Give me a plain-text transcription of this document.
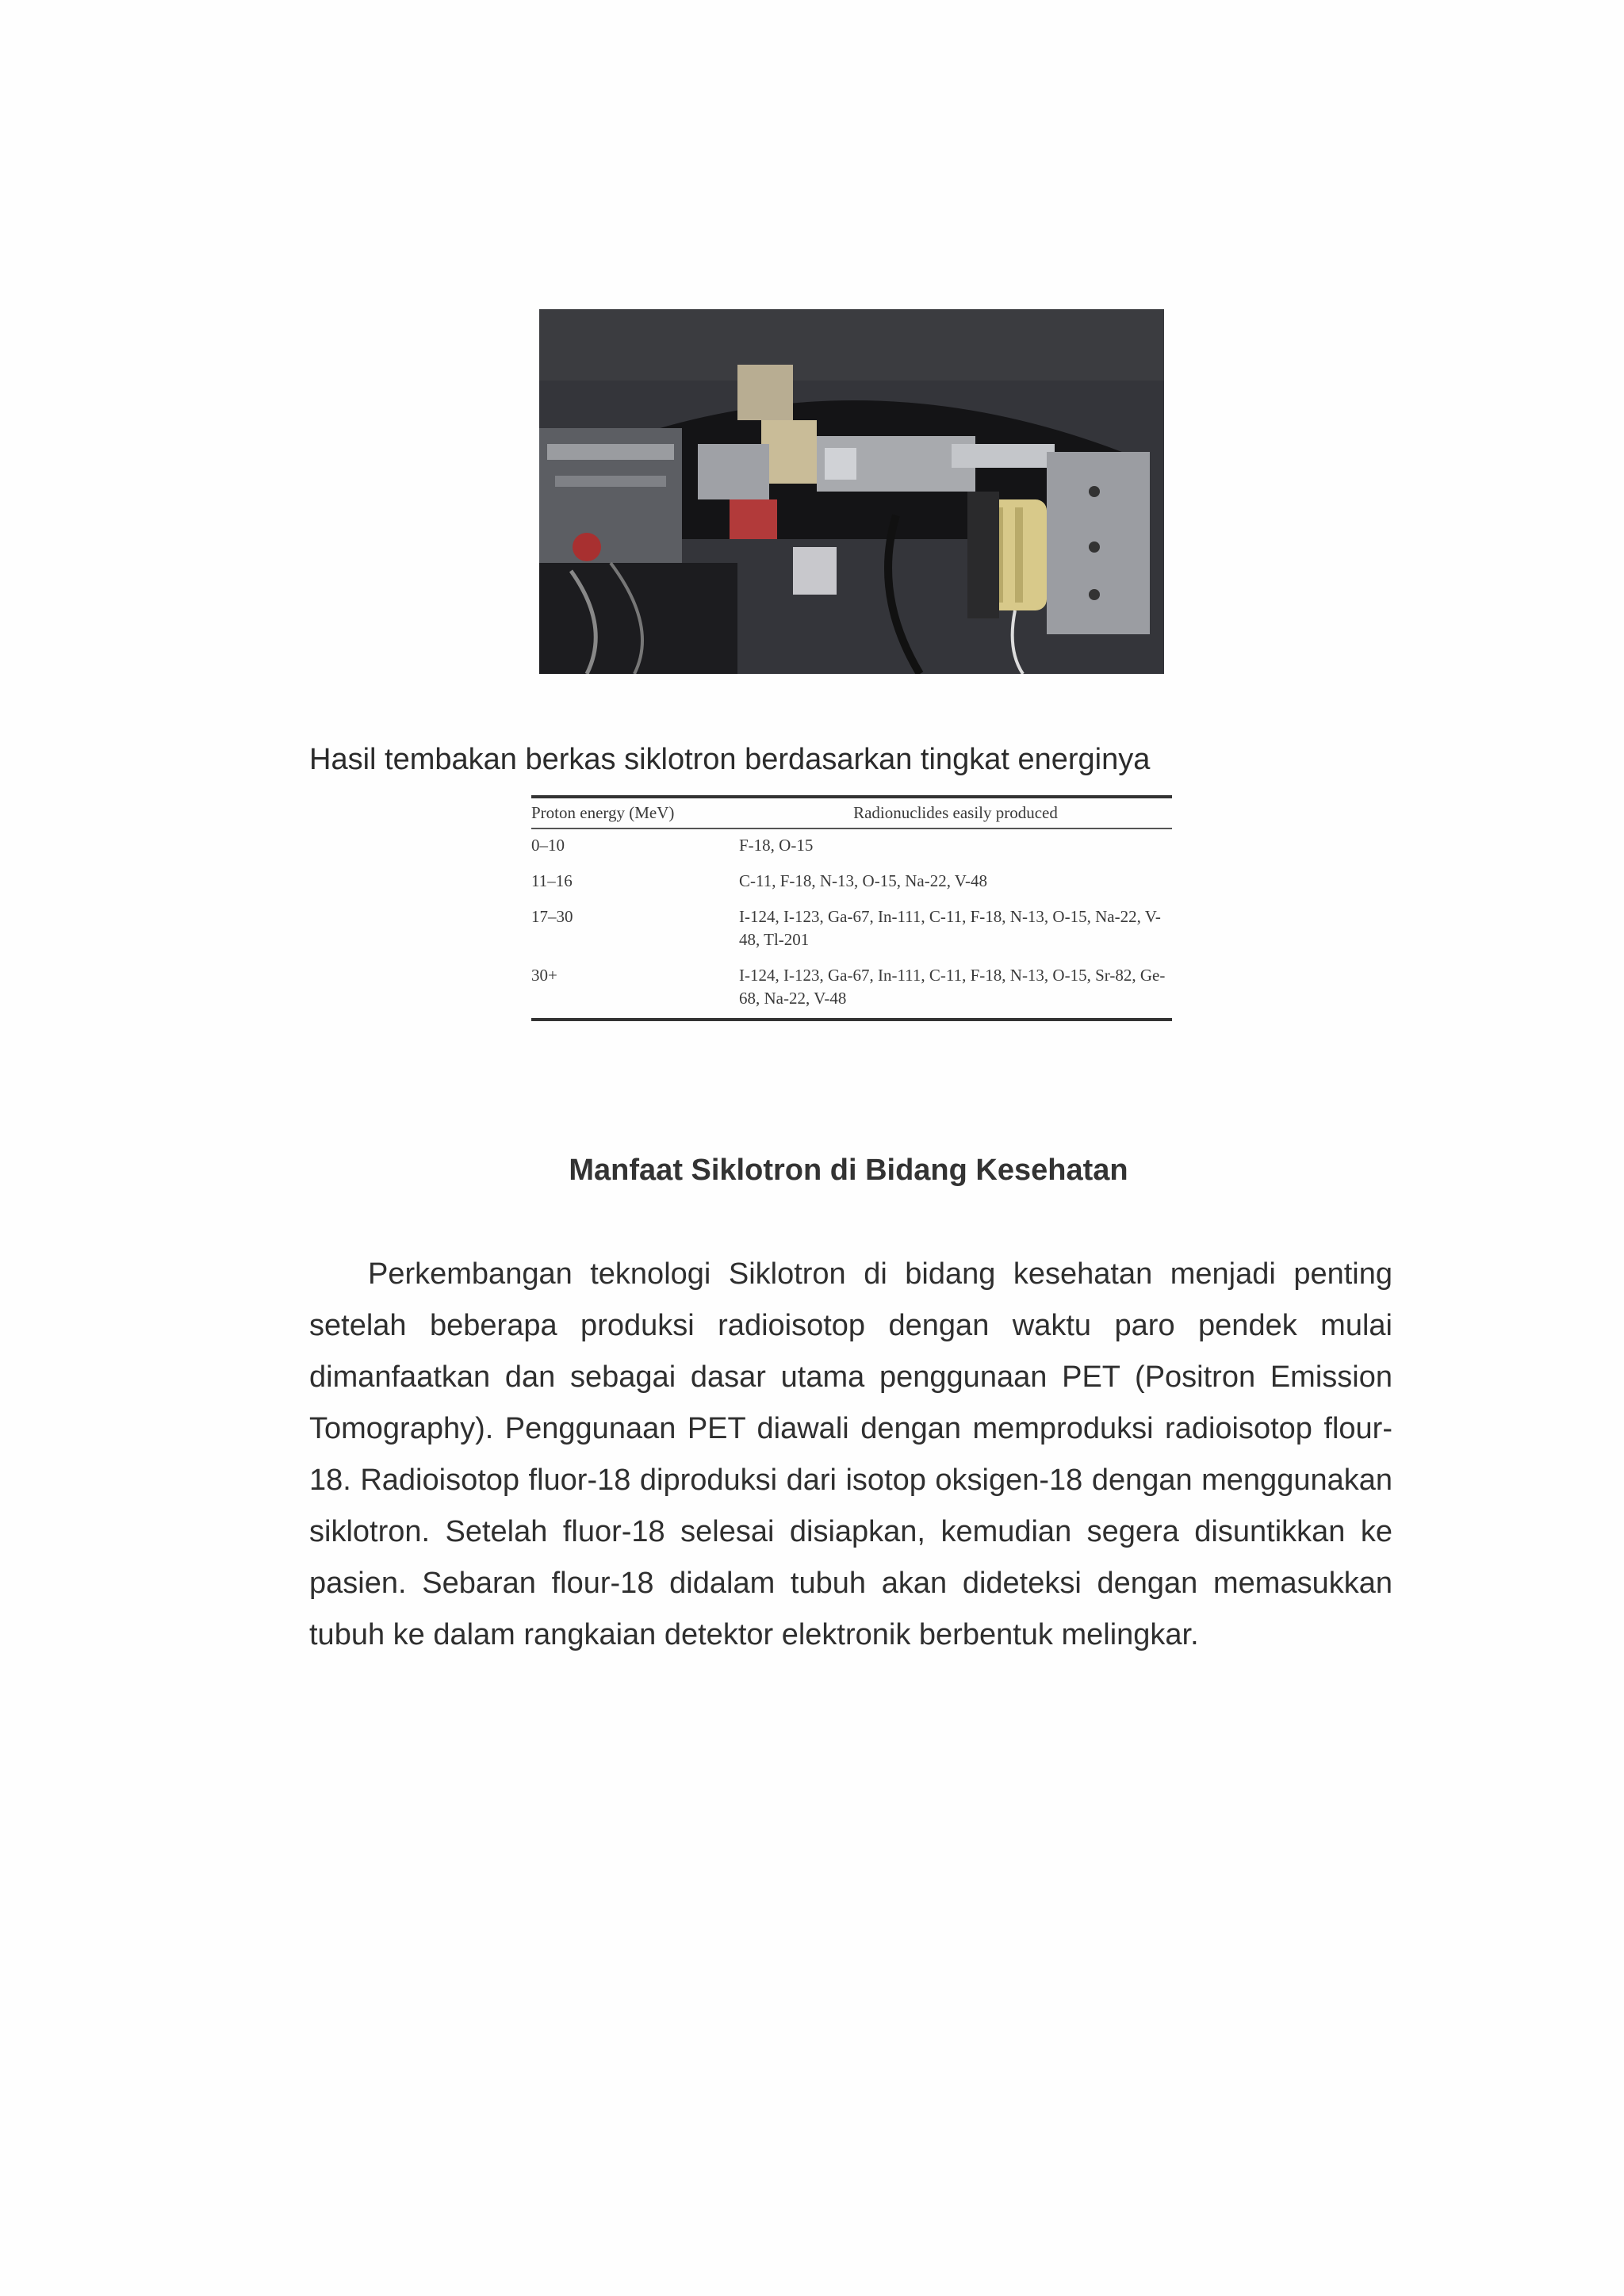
Hasil tembakan berkas siklotron berdasarkan tingkat energinya
Proton energy (MeV)	Radionuclides easily produced
0–10	F-18, O-15
11–16	C-11, F-18, N-13, O-15, Na-22, V-48
17–30	I-124, I-123, Ga-67, In-111, C-11, F-18, N-13, O-15, Na-22, V-48, Tl-201
30+	I-124, I-123, Ga-67, In-111, C-11, F-18, N-13, O-15, Sr-82, Ge-68, Na-22, V-48
Manfaat Siklotron di Bidang Kesehatan

Perkembangan teknologi Siklotron di bidang kesehatan menjadi penting setelah beberapa produksi radioisotop dengan waktu paro pendek mulai dimanfaatkan dan sebagai dasar utama penggunaan PET (Positron Emission Tomography). Penggunaan PET diawali dengan memproduksi radioisotop flour-18. Radioisotop fluor-18 diproduksi dari isotop oksigen-18 dengan menggunakan siklotron. Setelah fluor-18 selesai disiapkan, kemudian segera disuntikkan ke pasien. Sebaran flour-18 didalam tubuh akan dideteksi dengan memasukkan tubuh ke dalam rangkaian detektor elektronik berbentuk melingkar.
